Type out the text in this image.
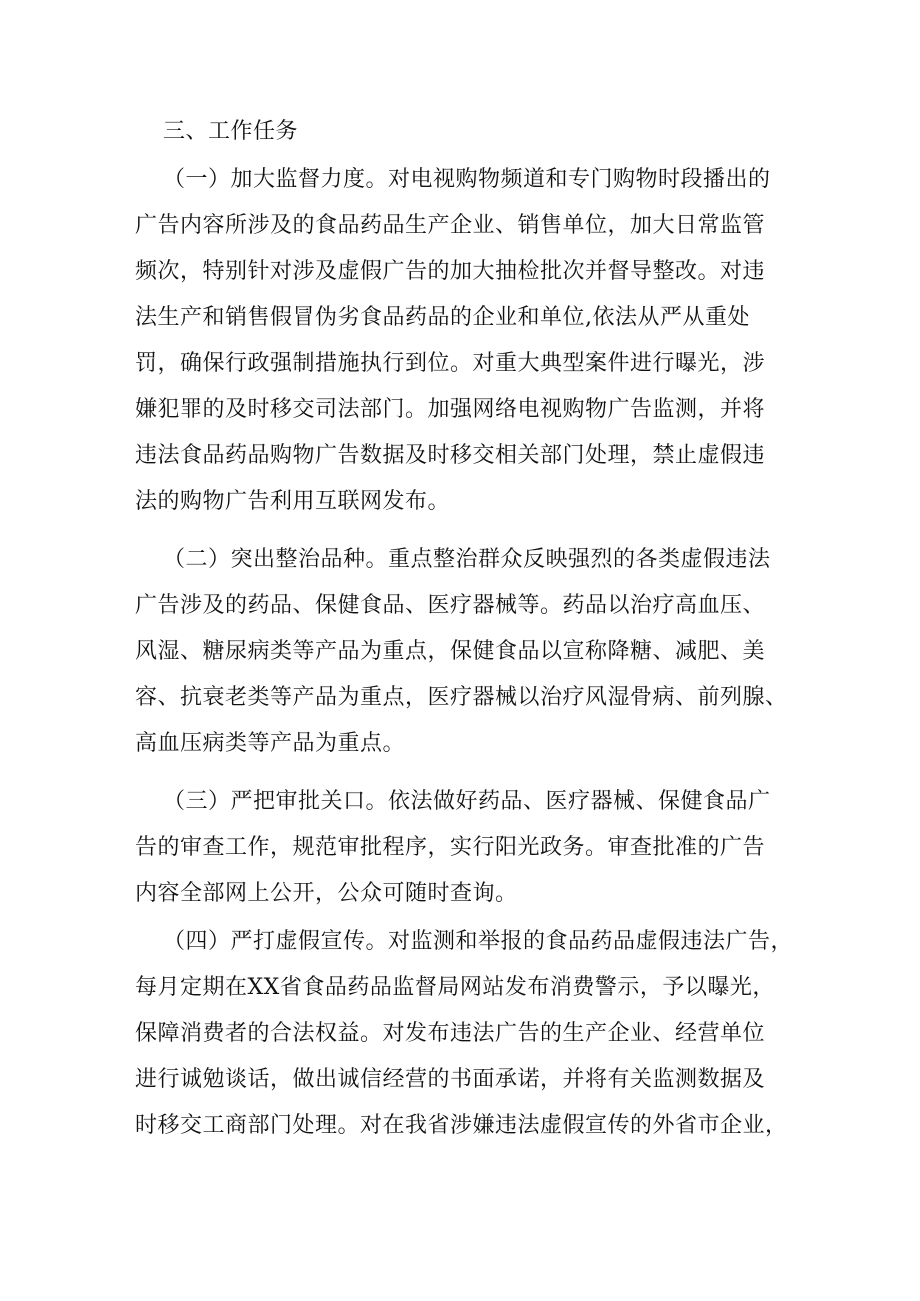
三、工作任务
（一）加大监督力度。对电视购物频道和专门购物时段播出的
广告内容所涉及的食品药品生产企业、销售单位，加大日常监管
频次，特别针对涉及虚假广告的加大抽检批次并督导整改。对违
法生产和销售假冒伪劣食品药品的企业和单位,依法从严从重处
罚，确保行政强制措施执行到位。对重大典型案件进行曝光，涉
嫌犯罪的及时移交司法部门。加强网络电视购物广告监测，并将
违法食品药品购物广告数据及时移交相关部门处理，禁止虚假违
法的购物广告利用互联网发布。
（二）突出整治品种。重点整治群众反映强烈的各类虚假违法
广告涉及的药品、保健食品、医疗器械等。药品以治疗高血压、
风湿、糖尿病类等产品为重点，保健食品以宣称降糖、减肥、美
容、抗衰老类等产品为重点，医疗器械以治疗风湿骨病、前列腺、
高血压病类等产品为重点。
（三）严把审批关口。依法做好药品、医疗器械、保健食品广
告的审查工作，规范审批程序，实行阳光政务。审查批准的广告
内容全部网上公开，公众可随时查询。
（四）严打虚假宣传。对监测和举报的食品药品虚假违法广告，
每月定期在XX省食品药品监督局网站发布消费警示，予以曝光，
保障消费者的合法权益。对发布违法广告的生产企业、经营单位
进行诚勉谈话，做出诚信经营的书面承诺，并将有关监测数据及
时移交工商部门处理。对在我省涉嫌违法虚假宣传的外省市企业，
